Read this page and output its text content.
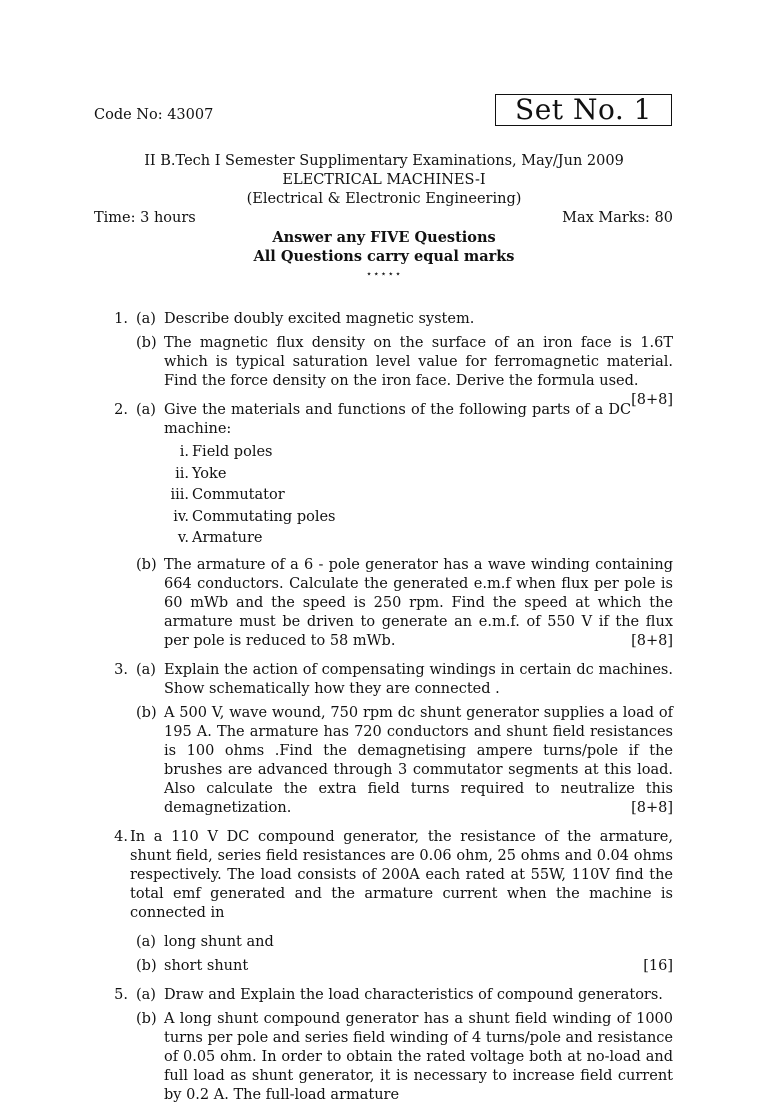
Code No: 43007	Set No. 1
II B.Tech I Semester Supplimentary Examinations, May/Jun 2009
ELECTRICAL MACHINES-I
(Electrical & Electronic Engineering)
Time: 3 hours	Max Marks: 80
Answer any FIVE Questions
All Questions carry equal marks
⋆⋆⋆⋆⋆
1. (a) Describe doubly excited magnetic system.
(b) The magnetic flux density on the surface of an iron face is 1.6T which is typical saturation level value for ferromagnetic material. Find the force density on the iron face. Derive the formula used.
[8+8]
2. (a) Give the materials and functions of the following parts of a DC machine:
i. Field poles
ii. Yoke
iii. Commutator
iv. Commutating poles
v. Armature
(b) The armature of a 6 - pole generator has a wave winding containing 664 conductors. Calculate the generated e.m.f when flux per pole is 60 mWb and the speed is 250 rpm. Find the speed at which the armature must be driven to generate an e.m.f. of 550 V if the flux per pole is reduced to 58 mWb.	[8+8]
3. (a) Explain the action of compensating windings in certain dc machines. Show schematically how they are connected .
(b) A 500 V, wave wound, 750 rpm dc shunt generator supplies a load of 195 A. The armature has 720 conductors and shunt field resistances is 100 ohms .Find the demagnetising ampere turns/pole if the brushes are advanced through 3 commutator segments at this load. Also calculate the extra field turns required to neutralize this demagnetization.	[8+8]
4. In a 110 V DC compound generator, the resistance of the armature, shunt field, series field resistances are 0.06 ohm, 25 ohms and 0.04 ohms respectively. The load consists of 200A each rated at 55W, 110V find the total emf generated and the armature current when the machine is connected in
(a) long shunt and
(b) short shunt	[16]
5. (a) Draw and Explain the load characteristics of compound generators.
(b) A long shunt compound generator has a shunt field winding of 1000 turns per pole and series field winding of 4 turns/pole and resistance of 0.05 ohm. In order to obtain the rated voltage both at no-load and full load as shunt generator, it is necessary to increase field current by 0.2 A. The full-load armature
